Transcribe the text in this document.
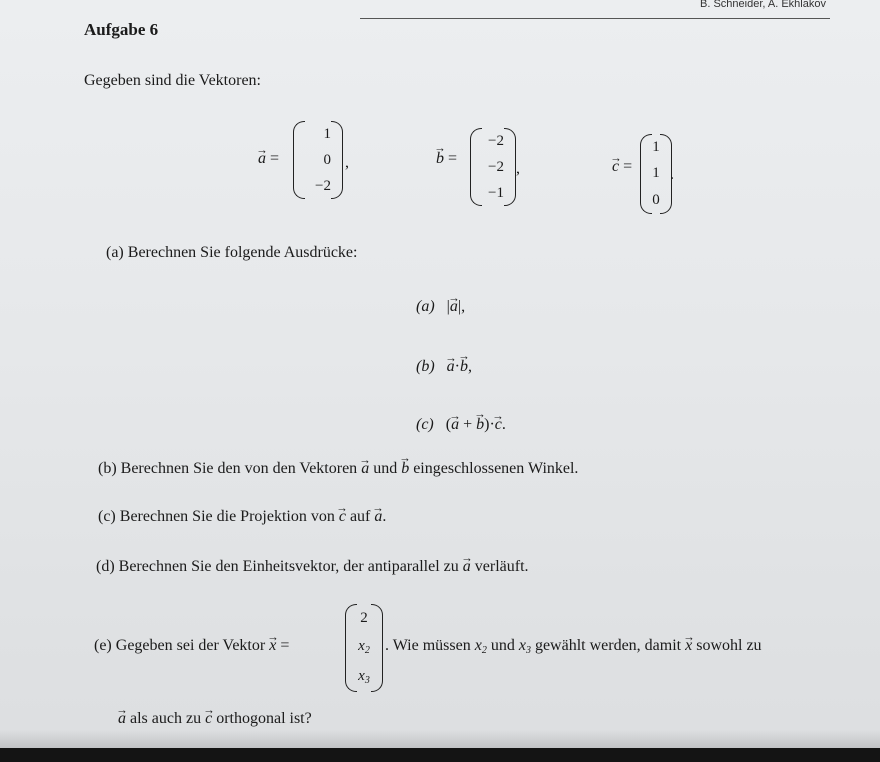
B. Schneider, A. Ekhlakov
Aufgabe 6
Gegeben sind die Vektoren:
→ a =
1
0
−2
,	→ b =
−2
−2
−1
,	→ c =
1
1
0
.
(a) Berechnen Sie folgende Ausdrücke:
(a) |→ a|,
(b) → a·→ b,
(c) (→ a + → b)·→ c.
(b) Berechnen Sie den von den Vektoren → a und → b eingeschlossenen Winkel.
(c) Berechnen Sie die Projektion von → c auf → a.
(d) Berechnen Sie den Einheitsvektor, der antiparallel zu → a verläuft.
(e) Gegeben sei der Vektor → x =
2
$x_2$
$x_3$
. Wie müssen $x_2$ und $x_3$ gewählt werden, damit → x sowohl zu
→ a als auch zu → c orthogonal ist?
